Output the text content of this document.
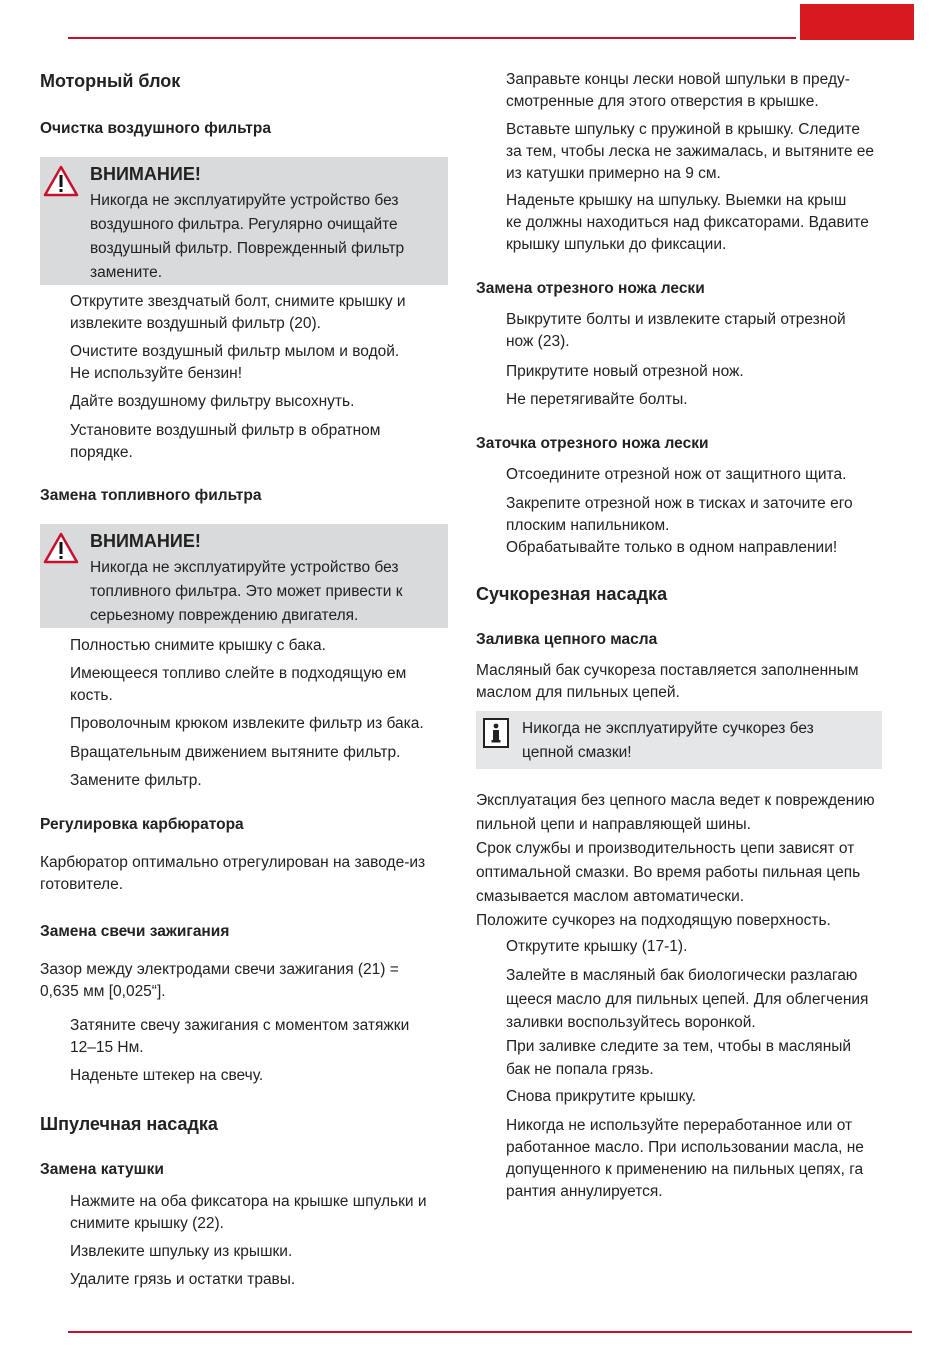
Моторный блок
Очистка воздушного фильтра
ВНИМАНИЕ!
Никогда не эксплуатируйте устройство без
воздушного фильтра. Регулярно очищайте
воздушный фильтр. Поврежденный фильтр
замените.
Открутите звездчатый болт, снимите крышку и
извлеките воздушный фильтр (20).
Очистите воздушный фильтр мылом и водой.
Не используйте бензин!
Дайте воздушному фильтру высохнуть.
Установите воздушный фильтр в обратном
порядке.
Замена топливного фильтра
ВНИМАНИЕ!
Никогда не эксплуатируйте устройство без
топливного фильтра. Это может привести к
серьезному повреждению двигателя.
Полностью снимите крышку с бака.
Имеющееся топливо слейте в подходящую ем
кость.
Проволочным крюком извлеките фильтр из бака.
Вращательным движением вытяните фильтр.
Замените фильтр.
Регулировка карбюратора
Карбюратор оптимально отрегулирован на заводе-из
готовителе.
Замена свечи зажигания
Зазор между электродами свечи зажигания (21) =
0,635 мм [0,025“].
Затяните свечу зажигания с моментом затяжки
12–15 Нм.
Наденьте штекер на свечу.
Шпулечная насадка
Замена катушки
Нажмите на оба фиксатора на крышке шпульки и
снимите крышку (22).
Извлеките шпульку из крышки.
Удалите грязь и остатки травы.
Заправьте концы лески новой шпульки в преду-
смотренные для этого отверстия в крышке.
Вставьте шпульку с пружиной в крышку. Следите
за тем, чтобы леска не зажималась, и вытяните ее
из катушки примерно на 9 см.
Наденьте крышку на шпульку. Выемки на крыш
ке должны находиться над фиксаторами. Вдавите
крышку шпульки до фиксации.
Замена отрезного ножа лески
Выкрутите болты и извлеките старый отрезной
нож (23).
Прикрутите новый отрезной нож.
Не перетягивайте болты.
Заточка отрезного ножа лески
Отсоедините отрезной нож от защитного щита.
Закрепите отрезной нож в тисках и заточите его
плоским напильником.
Обрабатывайте только в одном направлении!
Сучкорезная насадка
Заливка цепного масла
Масляный бак сучкореза поставляется заполненным
маслом для пильных цепей.
Никогда не эксплуатируйте сучкорез без
цепной смазки!
Эксплуатация без цепного масла ведет к повреждению
пильной цепи и направляющей шины.
Срок службы и производительность цепи зависят от
оптимальной смазки. Во время работы пильная цепь
смазывается маслом автоматически.
Положите сучкорез на подходящую поверхность.
Открутите крышку (17-1).
Залейте в масляный бак биологически разлагаю
щееся масло для пильных цепей. Для облегчения
заливки воспользуйтесь воронкой.
При заливке следите за тем, чтобы в масляный
бак не попала грязь.
Снова прикрутите крышку.
Никогда не используйте переработанное или от
работанное масло. При использовании масла, не
допущенного к применению на пильных цепях, га
рантия аннулируется.
